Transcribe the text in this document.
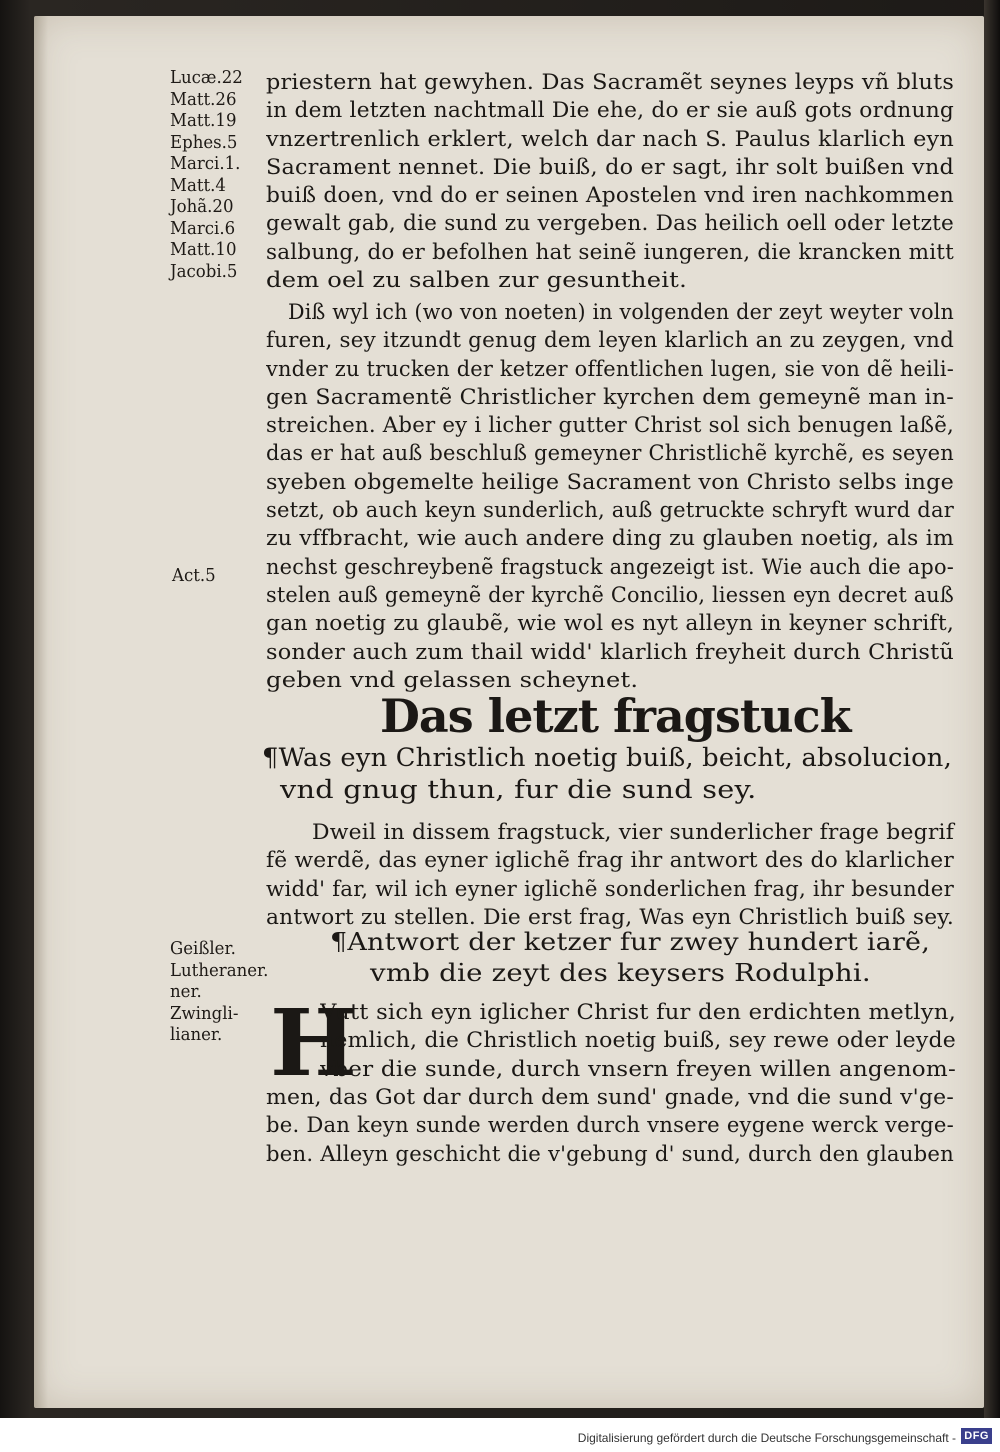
Lucæ.22
Matt.26
Matt.19
Ephes.5
Marci.1.
Matt.4
Johã.20
Marci.6
Matt.10
Jacobi.5
priestern hat gewyhen. Das Sacramẽt seynes leyps vñ bluts
in dem letzten nachtmall Die ehe, do er sie auß gots ordnung
vnzertrenlich erklert, welch dar nach S. Paulus klarlich eyn
Sacrament nennet. Die buiß, do er sagt, ihr solt buißen vnd
buiß doen, vnd do er seinen Apostelen vnd iren nachkommen
gewalt gab, die sund zu vergeben. Das heilich oell oder letzte
salbung, do er befolhen hat seinẽ iungeren, die krancken mitt
dem oel zu salben zur gesuntheit.
Diß wyl ich (wo von noeten) in volgenden der zeyt weyter voln
furen, sey itzundt genug dem leyen klarlich an zu zeygen, vnd
vnder zu trucken der ketzer offentlichen lugen, sie von dẽ heili-
gen Sacramentẽ Christlicher kyrchen dem gemeynẽ man in-
streichen. Aber ey i licher gutter Christ sol sich benugen laßẽ,
das er hat auß beschluß gemeyner Christlichẽ kyrchẽ, es seyen
syeben obgemelte heilige Sacrament von Christo selbs inge
setzt, ob auch keyn sunderlich, auß getruckte schryft wurd dar
zu vffbracht, wie auch andere ding zu glauben noetig, als im
nechst geschreybenẽ fragstuck angezeigt ist. Wie auch die apo-
stelen auß gemeynẽ der kyrchẽ Concilio, liessen eyn decret auß
gan noetig zu glaubẽ, wie wol es nyt alleyn in keyner schrift,
sonder auch zum thail widd' klarlich freyheit durch Christũ
geben vnd gelassen scheynet.
Act.5
Das letzt fragstuck
¶Was eyn Christlich noetig buiß, beicht, absolucion,
vnd gnug thun, fur die sund sey.
Dweil in dissem fragstuck, vier sunderlicher frage begrif
fẽ werdẽ, das eyner iglichẽ frag ihr antwort des do klarlicher
widd' far, wil ich eyner iglichẽ sonderlichen frag, ihr besunder
antwort zu stellen. Die erst frag, Was eyn Christlich buiß sey.
Geißler.
Lutheraner.
ner.
Zwingli-
lianer.
¶Antwort der ketzer fur zwey hundert iarẽ,
vmb die zeyt des keysers Rodulphi.
H
Vutt sich eyn iglicher Christ fur den erdichten metlyn,
nemlich, die Christlich noetig buiß, sey rewe oder leyde
vber die sunde, durch vnsern freyen willen angenom-
men, das Got dar durch dem sund' gnade, vnd die sund v'ge-
be. Dan keyn sunde werden durch vnsere eygene werck verge-
ben. Alleyn geschicht die v'gebung d' sund, durch den glauben
Digitalisierung gefördert durch die Deutsche Forschungsgemeinschaft - DFG
